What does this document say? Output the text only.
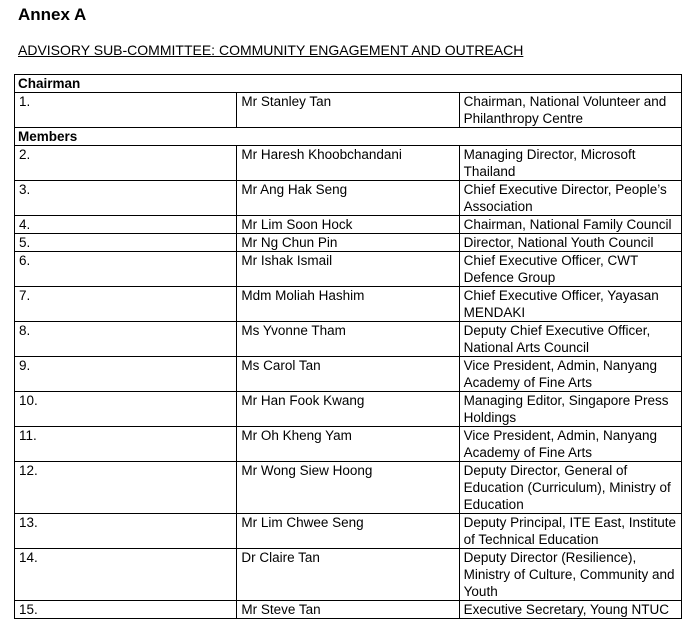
Annex A
ADVISORY SUB-COMMITTEE: COMMUNITY ENGAGEMENT AND OUTREACH
Chairman		
1.	Mr Stanley Tan	Chairman, National Volunteer and Philanthropy Centre
Members		
2.	Mr Haresh Khoobchandani	Managing Director, Microsoft Thailand
3.	Mr Ang Hak Seng	Chief Executive Director, People’s Association
4.	Mr Lim Soon Hock	Chairman, National Family Council
5.	Mr Ng Chun Pin	Director, National Youth Council
6.	Mr Ishak Ismail	Chief Executive Officer, CWT Defence Group
7.	Mdm Moliah Hashim	Chief Executive Officer, Yayasan MENDAKI
8.	Ms Yvonne Tham	Deputy Chief Executive Officer, National Arts Council
9.	Ms Carol Tan	Vice President, Admin, Nanyang Academy of Fine Arts
10.	Mr Han Fook Kwang	Managing Editor, Singapore Press Holdings
11.	Mr Oh Kheng Yam	Vice President, Admin, Nanyang Academy of Fine Arts
12.	Mr Wong Siew Hoong	Deputy Director, General of Education (Curriculum), Ministry of Education
13.	Mr Lim Chwee Seng	Deputy Principal, ITE East, Institute of Technical Education
14.	Dr Claire Tan	Deputy Director (Resilience), Ministry of Culture, Community and Youth
15.	Mr Steve Tan	Executive Secretary, Young NTUC
